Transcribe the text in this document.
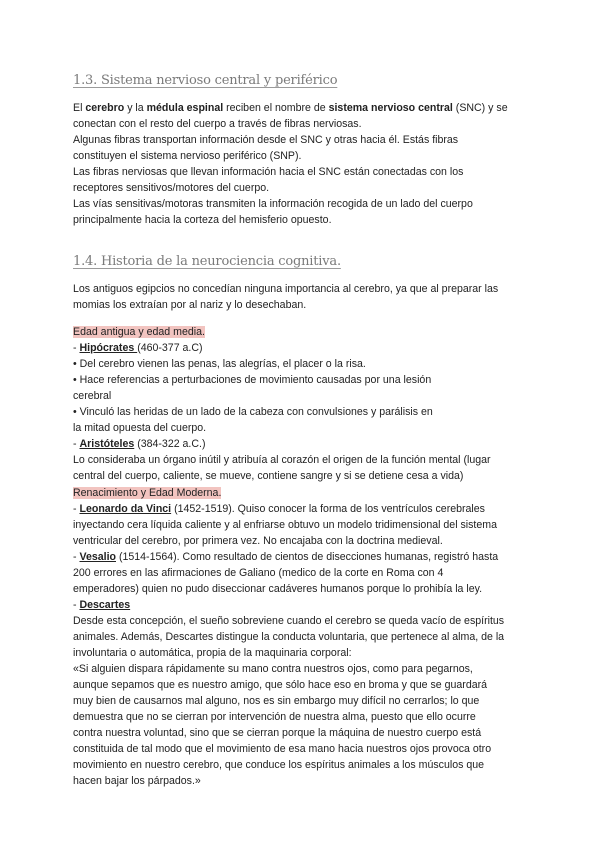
1.3. Sistema nervioso central y periférico
El cerebro y la médula espinal reciben el nombre de sistema nervioso central (SNC) y se
conectan con el resto del cuerpo a través de fibras nerviosas.
Algunas fibras transportan información desde el SNC y otras hacia él. Estás fibras
constituyen el sistema nervioso periférico (SNP).
Las fibras nerviosas que llevan información hacia el SNC están conectadas con los
receptores sensitivos/motores del cuerpo.
Las vías sensitivas/motoras transmiten la información recogida de un lado del cuerpo
principalmente hacia la corteza del hemisferio opuesto.
1.4. Historia de la neurociencia cognitiva.
Los antiguos egipcios no concedían ninguna importancia al cerebro, ya que al preparar las
momias los extraían por al nariz y lo desechaban.
Edad antigua y edad media.
- Hipócrates (460-377 a.C)
• Del cerebro vienen las penas, las alegrías, el placer o la risa.
• Hace referencias a perturbaciones de movimiento causadas por una lesión
cerebral
• Vinculó las heridas de un lado de la cabeza con convulsiones y parálisis en
la mitad opuesta del cuerpo.
- Aristóteles (384-322 a.C.)
Lo consideraba un órgano inútil y atribuía al corazón el origen de la función mental (lugar
central del cuerpo, caliente, se mueve, contiene sangre y si se detiene cesa a vida)
Renacimiento y Edad Moderna.
- Leonardo da Vinci (1452-1519). Quiso conocer la forma de los ventrículos cerebrales
inyectando cera líquida caliente y al enfriarse obtuvo un modelo tridimensional del sistema
ventricular del cerebro, por primera vez. No encajaba con la doctrina medieval.
- Vesalio (1514-1564). Como resultado de cientos de disecciones humanas, registró hasta
200 errores en las afirmaciones de Galiano (medico de la corte en Roma con 4
emperadores) quien no pudo diseccionar cadáveres humanos porque lo prohibía la ley.
- Descartes
Desde esta concepción, el sueño sobreviene cuando el cerebro se queda vacío de espíritus
animales. Además, Descartes distingue la conducta voluntaria, que pertenece al alma, de la
involuntaria o automática, propia de la maquinaria corporal:
«Si alguien dispara rápidamente su mano contra nuestros ojos, como para pegarnos,
aunque sepamos que es nuestro amigo, que sólo hace eso en broma y que se guardará
muy bien de causarnos mal alguno, nos es sin embargo muy difícil no cerrarlos; lo que
demuestra que no se cierran por intervención de nuestra alma, puesto que ello ocurre
contra nuestra voluntad, sino que se cierran porque la máquina de nuestro cuerpo está
constituida de tal modo que el movimiento de esa mano hacia nuestros ojos provoca otro
movimiento en nuestro cerebro, que conduce los espíritus animales a los músculos que
hacen bajar los párpados.»
